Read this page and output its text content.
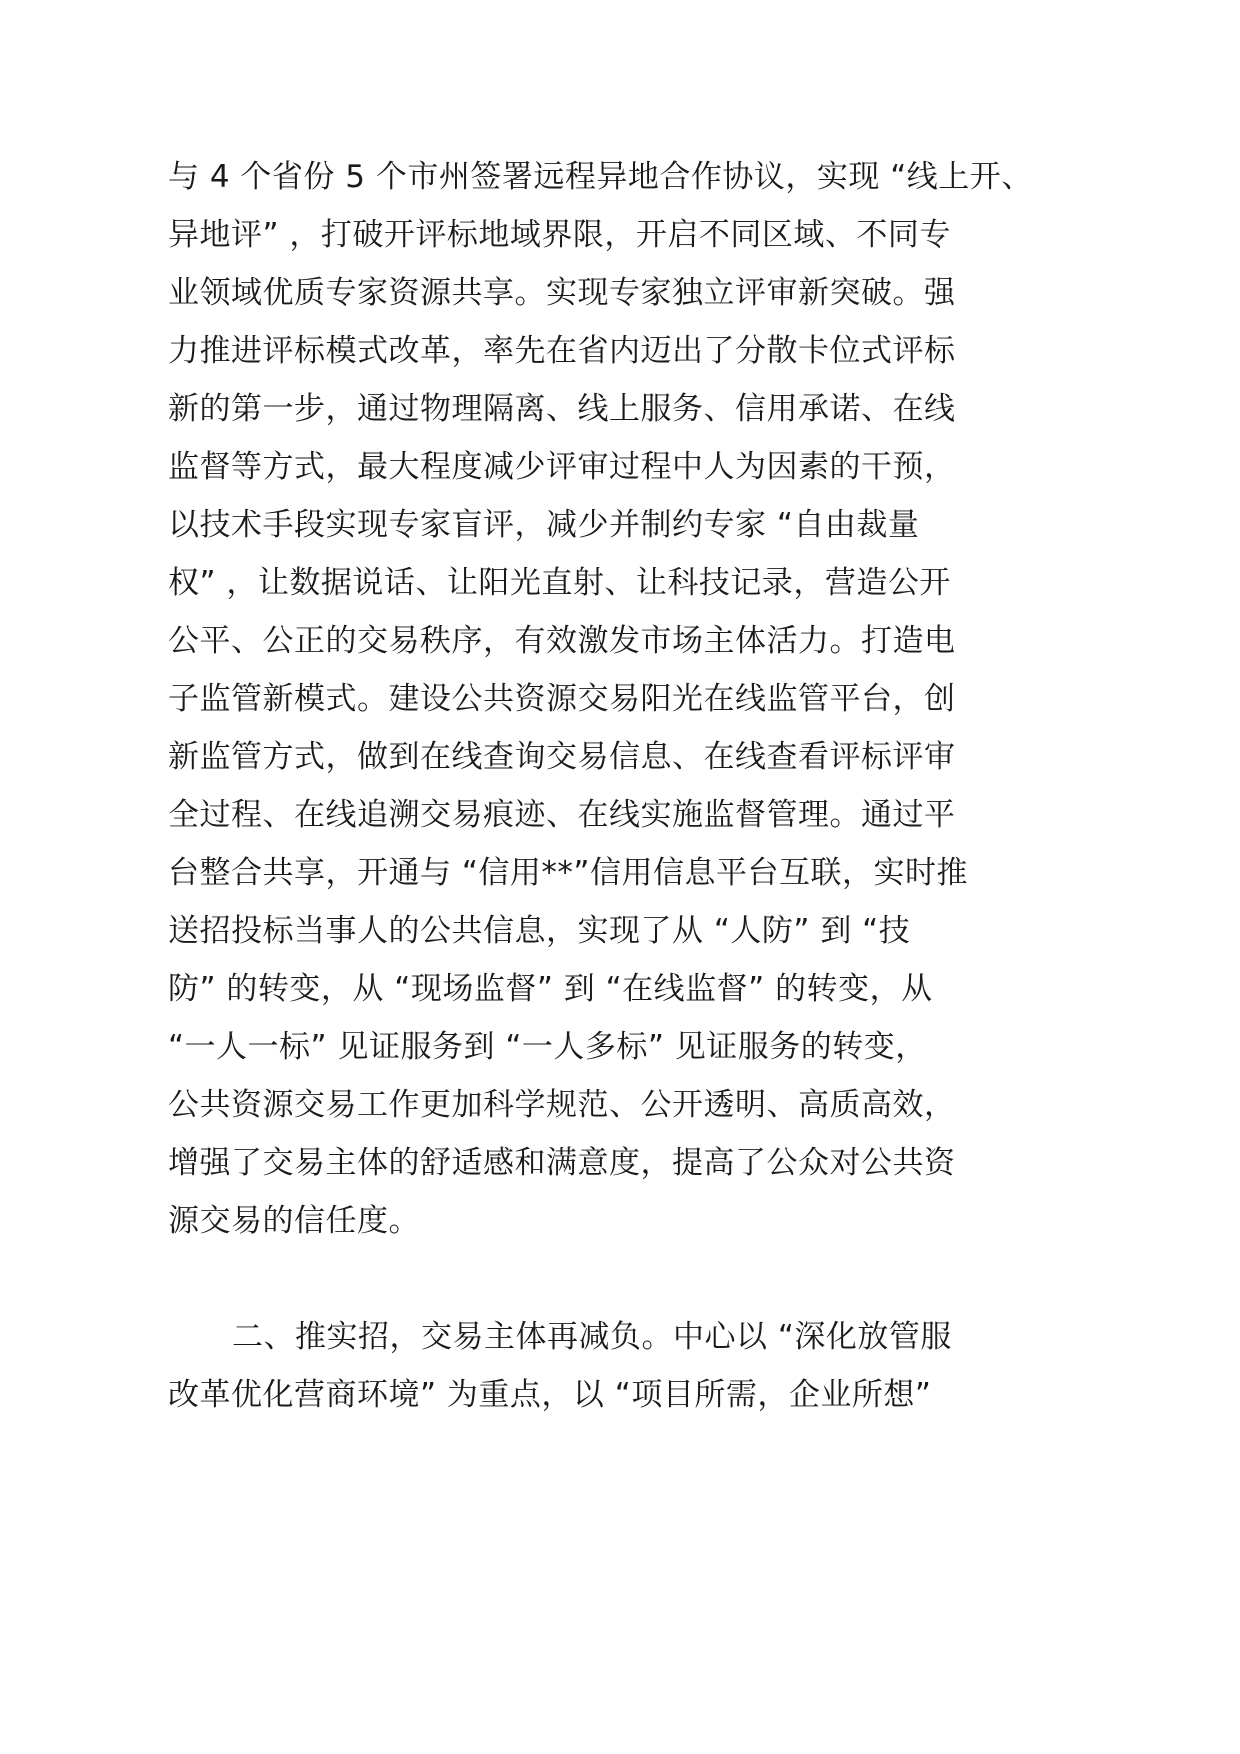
与 4 个省份 5 个市州签署远程异地合作协议，实现 “线上开、
异地评” ，打破开评标地域界限，开启不同区域、不同专
业领域优质专家资源共享。实现专家独立评审新突破。强
力推进评标模式改革，率先在省内迈出了分散卡位式评标
新的第一步，通过物理隔离、线上服务、信用承诺、在线
监督等方式，最大程度减少评审过程中人为因素的干预，
以技术手段实现专家盲评，减少并制约专家 “自由裁量
权” ，让数据说话、让阳光直射、让科技记录，营造公开
公平、公正的交易秩序，有效激发市场主体活力。打造电
子监管新模式。建设公共资源交易阳光在线监管平台，创
新监管方式，做到在线查询交易信息、在线查看评标评审
全过程、在线追溯交易痕迹、在线实施监督管理。通过平
台整合共享，开通与 “信用**”信用信息平台互联，实时推
送招投标当事人的公共信息，实现了从 “人防” 到 “技
防” 的转变，从 “现场监督” 到 “在线监督” 的转变，从
“一人一标” 见证服务到 “一人多标” 见证服务的转变，
公共资源交易工作更加科学规范、公开透明、高质高效，
增强了交易主体的舒适感和满意度，提高了公众对公共资
源交易的信任度。
二、推实招，交易主体再减负。中心以 “深化放管服
改革优化营商环境” 为重点，以 “项目所需，企业所想”
